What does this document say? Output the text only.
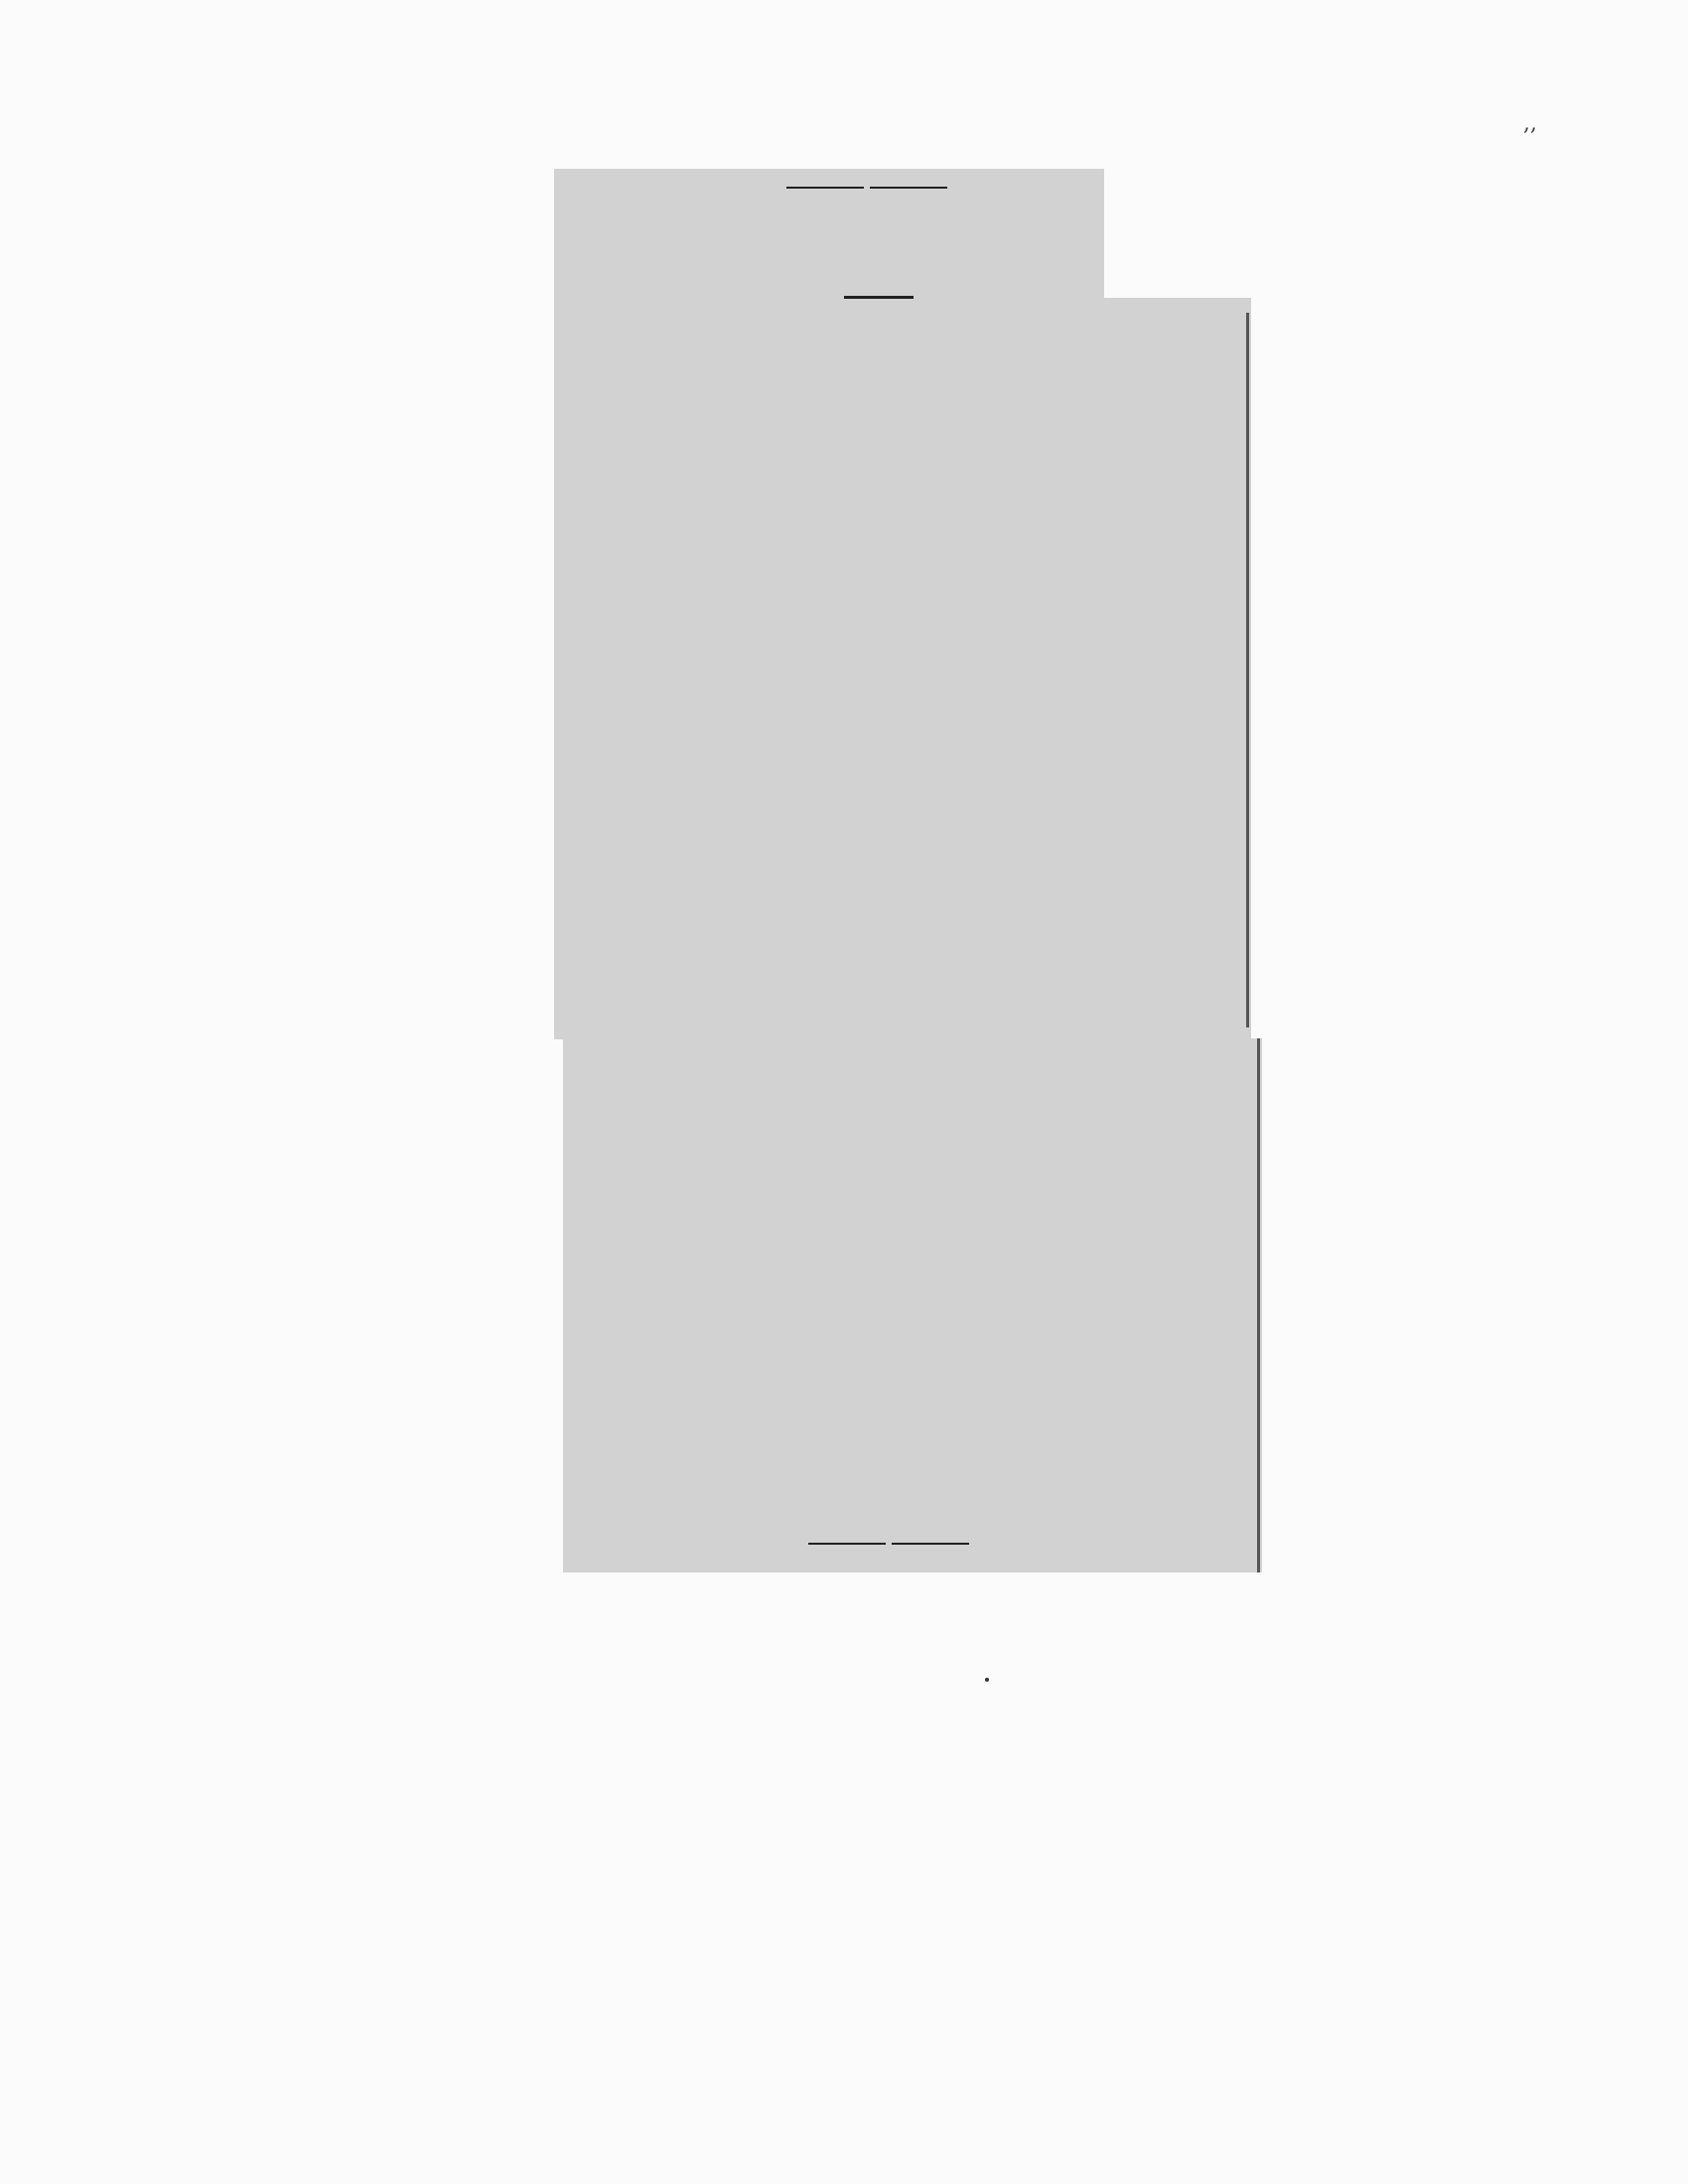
,,
